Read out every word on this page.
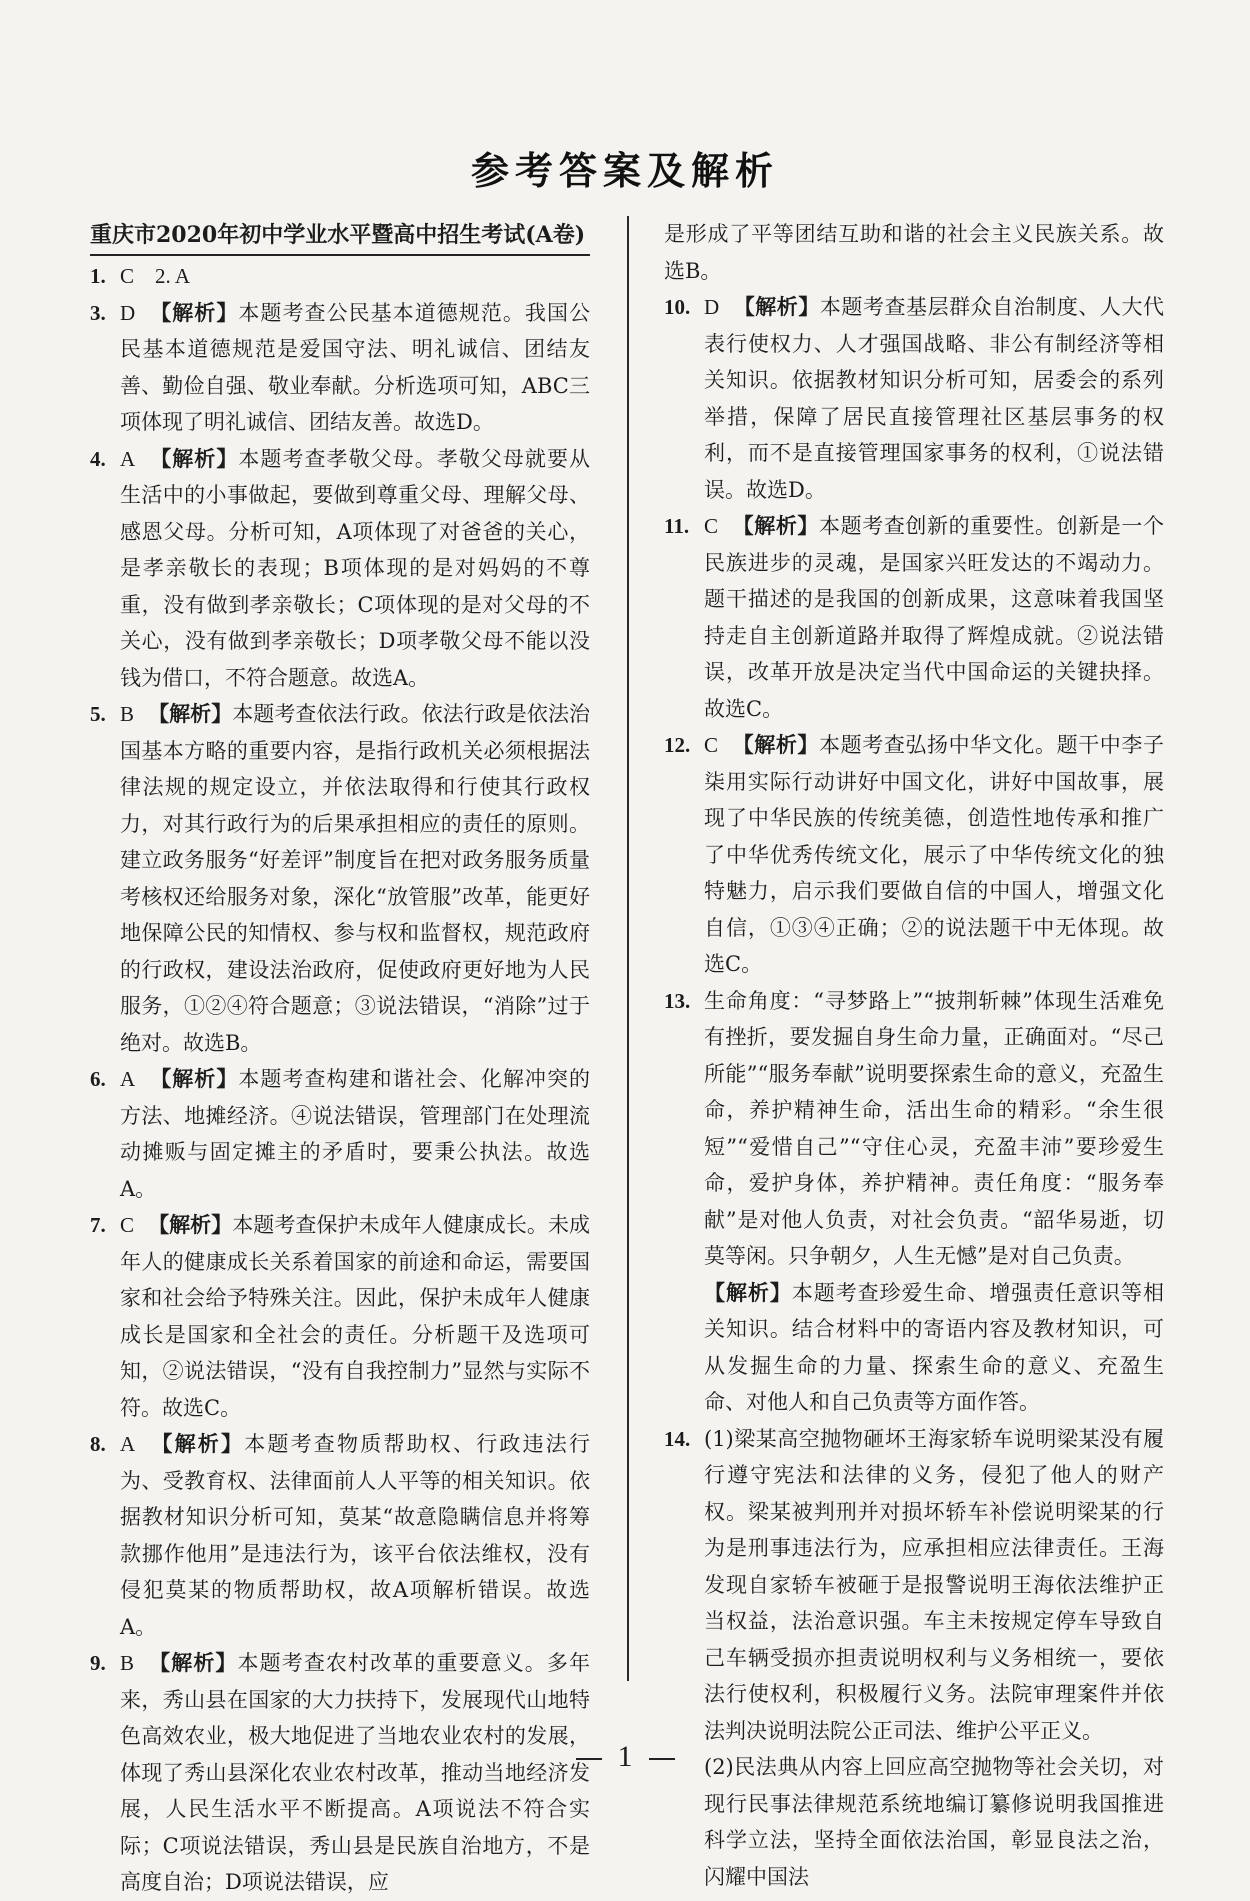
参考答案及解析
重庆市2020年初中学业水平暨高中招生考试(A卷)
1. C　2. A
3. D 【解析】本题考查公民基本道德规范。我国公民基本道德规范是爱国守法、明礼诚信、团结友善、勤俭自强、敬业奉献。分析选项可知，ABC三项体现了明礼诚信、团结友善。故选D。
4. A 【解析】本题考查孝敬父母。孝敬父母就要从生活中的小事做起，要做到尊重父母、理解父母、感恩父母。分析可知，A项体现了对爸爸的关心，是孝亲敬长的表现；B项体现的是对妈妈的不尊重，没有做到孝亲敬长；C项体现的是对父母的不关心，没有做到孝亲敬长；D项孝敬父母不能以没钱为借口，不符合题意。故选A。
5. B 【解析】本题考查依法行政。依法行政是依法治国基本方略的重要内容，是指行政机关必须根据法律法规的规定设立，并依法取得和行使其行政权力，对其行政行为的后果承担相应的责任的原则。建立政务服务“好差评”制度旨在把对政务服务质量考核权还给服务对象，深化“放管服”改革，能更好地保障公民的知情权、参与权和监督权，规范政府的行政权，建设法治政府，促使政府更好地为人民服务，①②④符合题意；③说法错误，“消除”过于绝对。故选B。
6. A 【解析】本题考查构建和谐社会、化解冲突的方法、地摊经济。④说法错误，管理部门在处理流动摊贩与固定摊主的矛盾时，要秉公执法。故选A。
7. C 【解析】本题考查保护未成年人健康成长。未成年人的健康成长关系着国家的前途和命运，需要国家和社会给予特殊关注。因此，保护未成年人健康成长是国家和全社会的责任。分析题干及选项可知，②说法错误，“没有自我控制力”显然与实际不符。故选C。
8. A 【解析】本题考查物质帮助权、行政违法行为、受教育权、法律面前人人平等的相关知识。依据教材知识分析可知，莫某“故意隐瞒信息并将筹款挪作他用”是违法行为，该平台依法维权，没有侵犯莫某的物质帮助权，故A项解析错误。故选A。
9. B 【解析】本题考查农村改革的重要意义。多年来，秀山县在国家的大力扶持下，发展现代山地特色高效农业，极大地促进了当地农业农村的发展，体现了秀山县深化农业农村改革，推动当地经济发展，人民生活水平不断提高。A项说法不符合实际；C项说法错误，秀山县是民族自治地方，不是高度自治；D项说法错误，应
是形成了平等团结互助和谐的社会主义民族关系。故选B。
10. D 【解析】本题考查基层群众自治制度、人大代表行使权力、人才强国战略、非公有制经济等相关知识。依据教材知识分析可知，居委会的系列举措，保障了居民直接管理社区基层事务的权利，而不是直接管理国家事务的权利，①说法错误。故选D。
11. C 【解析】本题考查创新的重要性。创新是一个民族进步的灵魂，是国家兴旺发达的不竭动力。题干描述的是我国的创新成果，这意味着我国坚持走自主创新道路并取得了辉煌成就。②说法错误，改革开放是决定当代中国命运的关键抉择。故选C。
12. C 【解析】本题考查弘扬中华文化。题干中李子柒用实际行动讲好中国文化，讲好中国故事，展现了中华民族的传统美德，创造性地传承和推广了中华优秀传统文化，展示了中华传统文化的独特魅力，启示我们要做自信的中国人，增强文化自信，①③④正确；②的说法题干中无体现。故选C。
13. 生命角度：“寻梦路上”“披荆斩棘”体现生活难免有挫折，要发掘自身生命力量，正确面对。“尽己所能”“服务奉献”说明要探索生命的意义，充盈生命，养护精神生命，活出生命的精彩。“余生很短”“爱惜自己”“守住心灵，充盈丰沛”要珍爱生命，爱护身体，养护精神。责任角度：“服务奉献”是对他人负责，对社会负责。“韶华易逝，切莫等闲。只争朝夕，人生无憾”是对自己负责。
【解析】本题考查珍爱生命、增强责任意识等相关知识。结合材料中的寄语内容及教材知识，可从发掘生命的力量、探索生命的意义、充盈生命、对他人和自己负责等方面作答。
14. (1)梁某高空抛物砸坏王海家轿车说明梁某没有履行遵守宪法和法律的义务，侵犯了他人的财产权。梁某被判刑并对损坏轿车补偿说明梁某的行为是刑事违法行为，应承担相应法律责任。王海发现自家轿车被砸于是报警说明王海依法维护正当权益，法治意识强。车主未按规定停车导致自己车辆受损亦担责说明权利与义务相统一，要依法行使权利，积极履行义务。法院审理案件并依法判决说明法院公正司法、维护公平正义。
(2)民法典从内容上回应高空抛物等社会关切，对现行民事法律规范系统地编订纂修说明我国推进科学立法，坚持全面依法治国，彰显良法之治，闪耀中国法
1
